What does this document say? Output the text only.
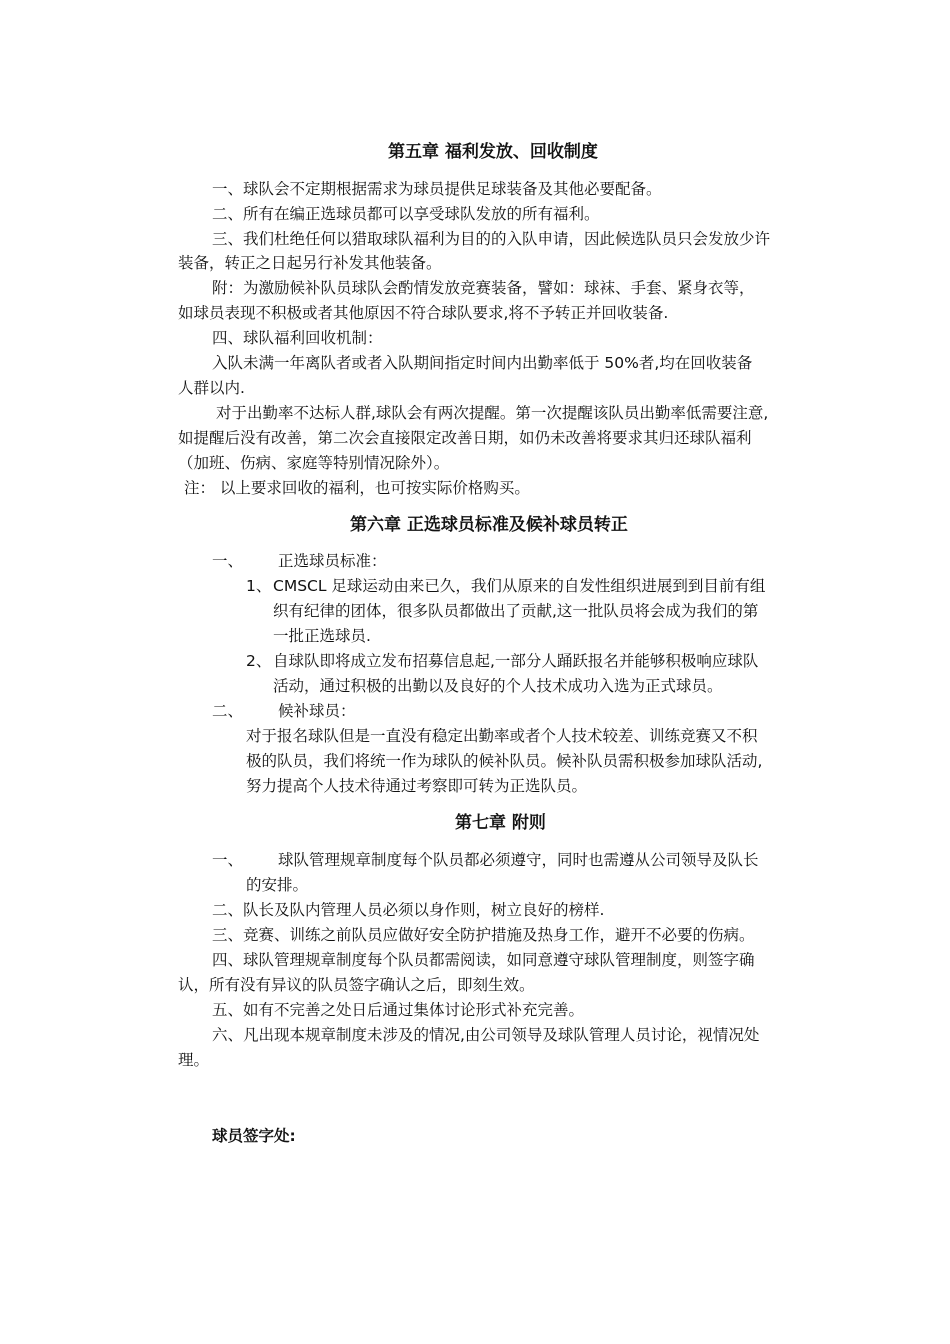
第五章 福利发放、回收制度
一、球队会不定期根据需求为球员提供足球装备及其他必要配备。
二、所有在编正选球员都可以享受球队发放的所有福利。
三、我们杜绝任何以猎取球队福利为目的的入队申请，因此候选队员只会发放少许
装备，转正之日起另行补发其他装备。
附：为激励候补队员球队会酌情发放竞赛装备，譬如：球袜、手套、紧身衣等，
如球员表现不积极或者其他原因不符合球队要求,将不予转正并回收装备.
四、球队福利回收机制：
入队未满一年离队者或者入队期间指定时间内出勤率低于 50%者,均在回收装备
人群以内.
对于出勤率不达标人群,球队会有两次提醒。第一次提醒该队员出勤率低需要注意,
如提醒后没有改善，第二次会直接限定改善日期，如仍未改善将要求其归还球队福利
（加班、伤病、家庭等特别情况除外）。
注： 以上要求回收的福利，也可按实际价格购买。
第六章 正选球员标准及候补球员转正
一、 正选球员标准：
1、 CMSCL 足球运动由来已久，我们从原来的自发性组织进展到到目前有组
织有纪律的团体，很多队员都做出了贡献,这一批队员将会成为我们的第
一批正选球员.
2、 自球队即将成立发布招募信息起,一部分人踊跃报名并能够积极响应球队
活动，通过积极的出勤以及良好的个人技术成功入选为正式球员。
二、 候补球员：
对于报名球队但是一直没有稳定出勤率或者个人技术较差、训练竞赛又不积
极的队员，我们将统一作为球队的候补队员。候补队员需积极参加球队活动,
努力提高个人技术待通过考察即可转为正选队员。
第七章 附则
一、 球队管理规章制度每个队员都必须遵守，同时也需遵从公司领导及队长
的安排。
二、队长及队内管理人员必须以身作则，树立良好的榜样.
三、竞赛、训练之前队员应做好安全防护措施及热身工作，避开不必要的伤病。
四、球队管理规章制度每个队员都需阅读，如同意遵守球队管理制度，则签字确
认，所有没有异议的队员签字确认之后，即刻生效。
五、如有不完善之处日后通过集体讨论形式补充完善。
六、凡出现本规章制度未涉及的情况,由公司领导及球队管理人员讨论，视情况处
理。
球员签字处:
